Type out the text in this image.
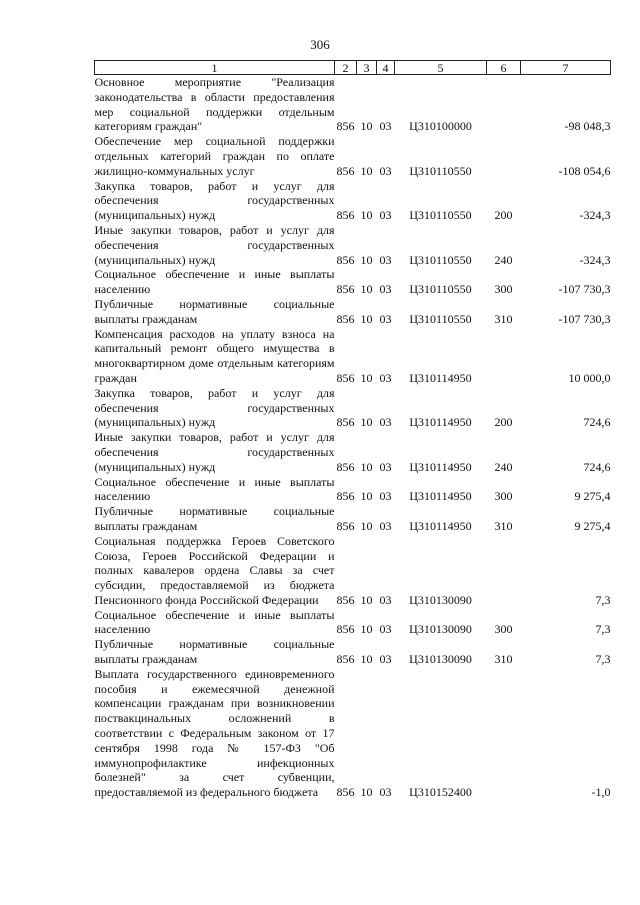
306
1	2	3	4	5	6	7
Основное мероприятие "Реализация законодательства в области предоставления мер социальной поддержки отдельным категориям граждан"	856	10	03	Ц310100000		-98 048,3
Обеспечение мер социальной поддержки отдельных категорий граждан по оплате жилищно-коммунальных услуг	856	10	03	Ц310110550		-108 054,6
Закупка товаров, работ и услуг для обеспечения государственных (муниципальных) нужд	856	10	03	Ц310110550	200	-324,3
Иные закупки товаров, работ и услуг для обеспечения государственных (муниципальных) нужд	856	10	03	Ц310110550	240	-324,3
Социальное обеспечение и иные выплаты населению	856	10	03	Ц310110550	300	-107 730,3
Публичные нормативные социальные выплаты гражданам	856	10	03	Ц310110550	310	-107 730,3
Компенсация расходов на уплату взноса на капитальный ремонт общего имущества в многоквартирном доме отдельным категориям граждан	856	10	03	Ц310114950		10 000,0
Закупка товаров, работ и услуг для обеспечения государственных (муниципальных) нужд	856	10	03	Ц310114950	200	724,6
Иные закупки товаров, работ и услуг для обеспечения государственных (муниципальных) нужд	856	10	03	Ц310114950	240	724,6
Социальное обеспечение и иные выплаты населению	856	10	03	Ц310114950	300	9 275,4
Публичные нормативные социальные выплаты гражданам	856	10	03	Ц310114950	310	9 275,4
Социальная поддержка Героев Советского Союза, Героев Российской Федерации и полных кавалеров ордена Славы за счет субсидии, предоставляемой из бюджета Пенсионного фонда Российской Федерации	856	10	03	Ц310130090		7,3
Социальное обеспечение и иные выплаты населению	856	10	03	Ц310130090	300	7,3
Публичные нормативные социальные выплаты гражданам	856	10	03	Ц310130090	310	7,3
Выплата государственного единовременного пособия и ежемесячной денежной компенсации гражданам при возникновении поствакцинальных осложнений в соответствии с Федеральным законом от 17 сентября 1998 года № 157-ФЗ "Об иммунопрофилактике инфекционных болезней" за счет субвенции, предоставляемой из федерального бюджета	856	10	03	Ц310152400		-1,0
